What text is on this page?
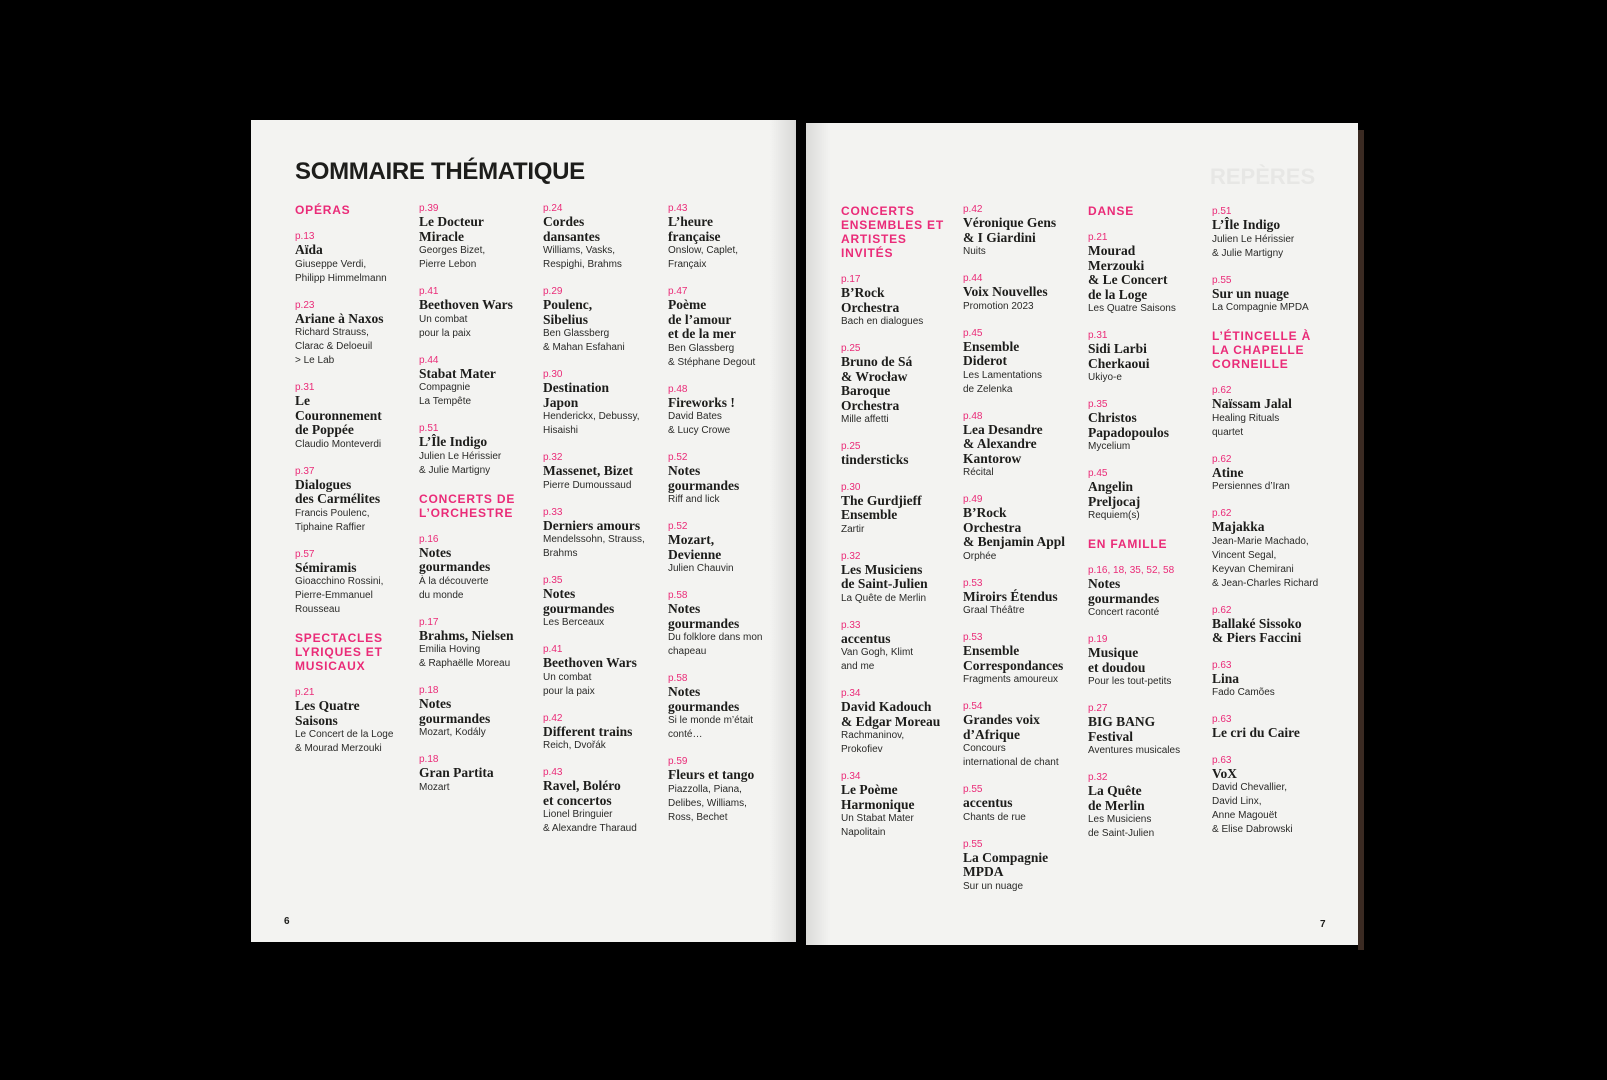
REPÈRES
SOMMAIRE THÉMATIQUE
OPÉRAS
p.13
Aïda
Giuseppe Verdi,
Philipp Himmelmann
p.23
Ariane à Naxos
Richard Strauss,
Clarac & Deloeuil
> Le Lab
p.31
Le
Couronnement
de Poppée
Claudio Monteverdi
p.37
Dialogues
des Carmélites
Francis Poulenc,
Tiphaine Raffier
p.57
Sémiramis
Gioacchino Rossini,
Pierre-Emmanuel
Rousseau
SPECTACLES LYRIQUES ET MUSICAUX
p.21
Les Quatre
Saisons
Le Concert de la Loge
& Mourad Merzouki
p.39
Le Docteur
Miracle
Georges Bizet,
Pierre Lebon
p.41
Beethoven Wars
Un combat
pour la paix
p.44
Stabat Mater
Compagnie
La Tempête
p.51
L’Île Indigo
Julien Le Hérissier
& Julie Martigny
CONCERTS DE L’ORCHESTRE
p.16
Notes
gourmandes
À la découverte
du monde
p.17
Brahms, Nielsen
Emilia Hoving
& Raphaëlle Moreau
p.18
Notes
gourmandes
Mozart, Kodály
p.18
Gran Partita
Mozart
p.24
Cordes
dansantes
Williams, Vasks,
Respighi, Brahms
p.29
Poulenc,
Sibelius
Ben Glassberg
& Mahan Esfahani
p.30
Destination
Japon
Henderickx, Debussy,
Hisaishi
p.32
Massenet, Bizet
Pierre Dumoussaud
p.33
Derniers amours
Mendelssohn, Strauss,
Brahms
p.35
Notes
gourmandes
Les Berceaux
p.41
Beethoven Wars
Un combat
pour la paix
p.42
Different trains
Reich, Dvořák
p.43
Ravel, Boléro
et concertos
Lionel Bringuier
& Alexandre Tharaud
p.43
L’heure
française
Onslow, Caplet,
Françaix
p.47
Poème
de l’amour
et de la mer
Ben Glassberg
& Stéphane Degout
p.48
Fireworks !
David Bates
& Lucy Crowe
p.52
Notes
gourmandes
Riff and lick
p.52
Mozart,
Devienne
Julien Chauvin
p.58
Notes
gourmandes
Du folklore dans mon
chapeau
p.58
Notes
gourmandes
Si le monde m’était
conté…
p.59
Fleurs et tango
Piazzolla, Piana,
Delibes, Williams,
Ross, Bechet
CONCERTS ENSEMBLES ET ARTISTES INVITÉS
p.17
B’Rock
Orchestra
Bach en dialogues
p.25
Bruno de Sá
& Wrocław
Baroque
Orchestra
Mille affetti
p.25
tindersticks
p.30
The Gurdjieff
Ensemble
Zartir
p.32
Les Musiciens
de Saint-Julien
La Quête de Merlin
p.33
accentus
Van Gogh, Klimt
and me
p.34
David Kadouch
& Edgar Moreau
Rachmaninov,
Prokofiev
p.34
Le Poème
Harmonique
Un Stabat Mater
Napolitain
p.42
Véronique Gens
& I Giardini
Nuits
p.44
Voix Nouvelles
Promotion 2023
p.45
Ensemble
Diderot
Les Lamentations
de Zelenka
p.48
Lea Desandre
& Alexandre
Kantorow
Récital
p.49
B’Rock
Orchestra
& Benjamin Appl
Orphée
p.53
Miroirs Étendus
Graal Théâtre
p.53
Ensemble
Correspondances
Fragments amoureux
p.54
Grandes voix
d’Afrique
Concours
international de chant
p.55
accentus
Chants de rue
p.55
La Compagnie
MPDA
Sur un nuage
DANSE
p.21
Mourad
Merzouki
& Le Concert
de la Loge
Les Quatre Saisons
p.31
Sidi Larbi
Cherkaoui
Ukiyo-e
p.35
Christos
Papadopoulos
Mycelium
p.45
Angelin
Preljocaj
Requiem(s)
EN FAMILLE
p.16, 18, 35, 52, 58
Notes
gourmandes
Concert raconté
p.19
Musique
et doudou
Pour les tout-petits
p.27
BIG BANG
Festival
Aventures musicales
p.32
La Quête
de Merlin
Les Musiciens
de Saint-Julien
p.51
L’Île Indigo
Julien Le Hérissier
& Julie Martigny
p.55
Sur un nuage
La Compagnie MPDA
L’ÉTINCELLE À LA CHAPELLE CORNEILLE
p.62
Naïssam Jalal
Healing Rituals
quartet
p.62
Atine
Persiennes d’Iran
p.62
Majakka
Jean-Marie Machado,
Vincent Segal,
Keyvan Chemirani
& Jean-Charles Richard
p.62
Ballaké Sissoko
& Piers Faccini
p.63
Lina
Fado Camões
p.63
Le cri du Caire
p.63
VoX
David Chevallier,
David Linx,
Anne Magouët
& Elise Dabrowski
6	7
